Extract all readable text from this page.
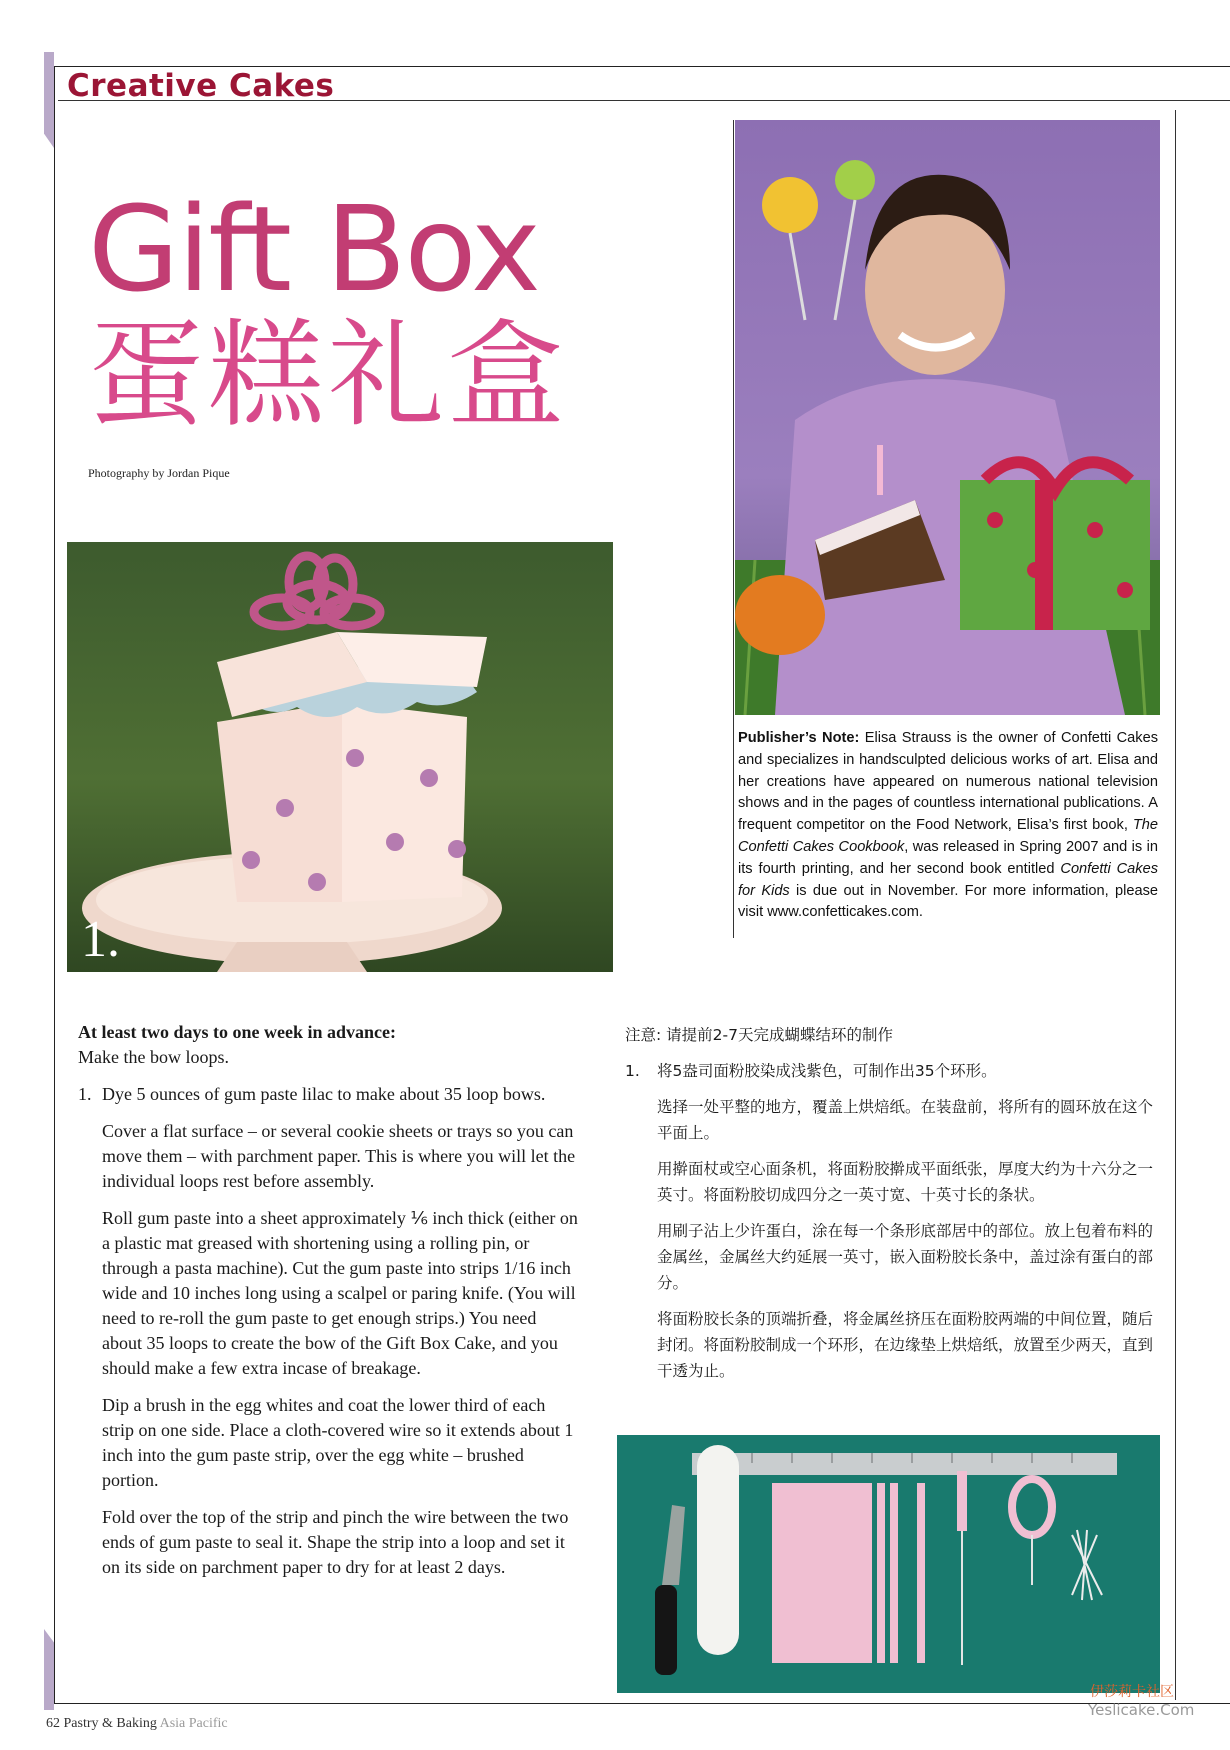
Creative Cakes
Gift Box
蛋糕礼盒
Photography by Jordan Pique
1.
Publisher’s Note: Elisa Strauss is the owner of Confetti Cakes and specializes in handsculpted delicious works of art. Elisa and her creations have appeared on numerous national television shows and in the pages of countless international publications. A frequent competitor on the Food Network, Elisa’s first book, The Confetti Cakes Cookbook, was released in Spring 2007 and is in its fourth printing, and her second book entitled Confetti Cakes for Kids is due out in November. For more information, please visit www.confetticakes.com.

At least two days to one week in advance:
Make the bow loops.

1. Dye 5 ounces of gum paste lilac to make about 35 loop bows.

Cover a flat surface – or several cookie sheets or trays so you can move them – with parchment paper. This is where you will let the individual loops rest before assembly.

Roll gum paste into a sheet approximately ⅙ inch thick (either on a plastic mat greased with shortening using a rolling pin, or through a pasta machine). Cut the gum paste into strips 1/16 inch wide and 10 inches long using a scalpel or paring knife. (You will need to re-roll the gum paste to get enough strips.) You need about 35 loops to create the bow of the Gift Box Cake, and you should make a few extra incase of breakage.

Dip a brush in the egg whites and coat the lower third of each strip on one side. Place a cloth-covered wire so it extends about 1 inch into the gum paste strip, over the egg white – brushed portion.

Fold over the top of the strip and pinch the wire between the two ends of gum paste to seal it. Shape the strip into a loop and set it on its side on parchment paper to dry for at least 2 days.

注意: 请提前2-7天完成蝴蝶结环的制作

1.	将5盎司面粉胶染成浅紫色，可制作出35个环形。

选择一处平整的地方，覆盖上烘焙纸。在装盘前，将所有的圆环放在这个平面上。

用擀面杖或空心面条机，将面粉胶擀成平面纸张，厚度大约为十六分之一英寸。将面粉胶切成四分之一英寸宽、十英寸长的条状。

用刷子沾上少许蛋白，涂在每一个条形底部居中的部位。放上包着布料的金属丝，金属丝大约延展一英寸，嵌入面粉胶长条中，盖过涂有蛋白的部分。

将面粉胶长条的顶端折叠，将金属丝挤压在面粉胶两端的中间位置，随后封闭。将面粉胶制成一个环形，在边缘垫上烘焙纸，放置至少两天，直到干透为止。

62 Pastry & Baking Asia Pacific
伊莎莉卡社区
Yeslicake.Com
